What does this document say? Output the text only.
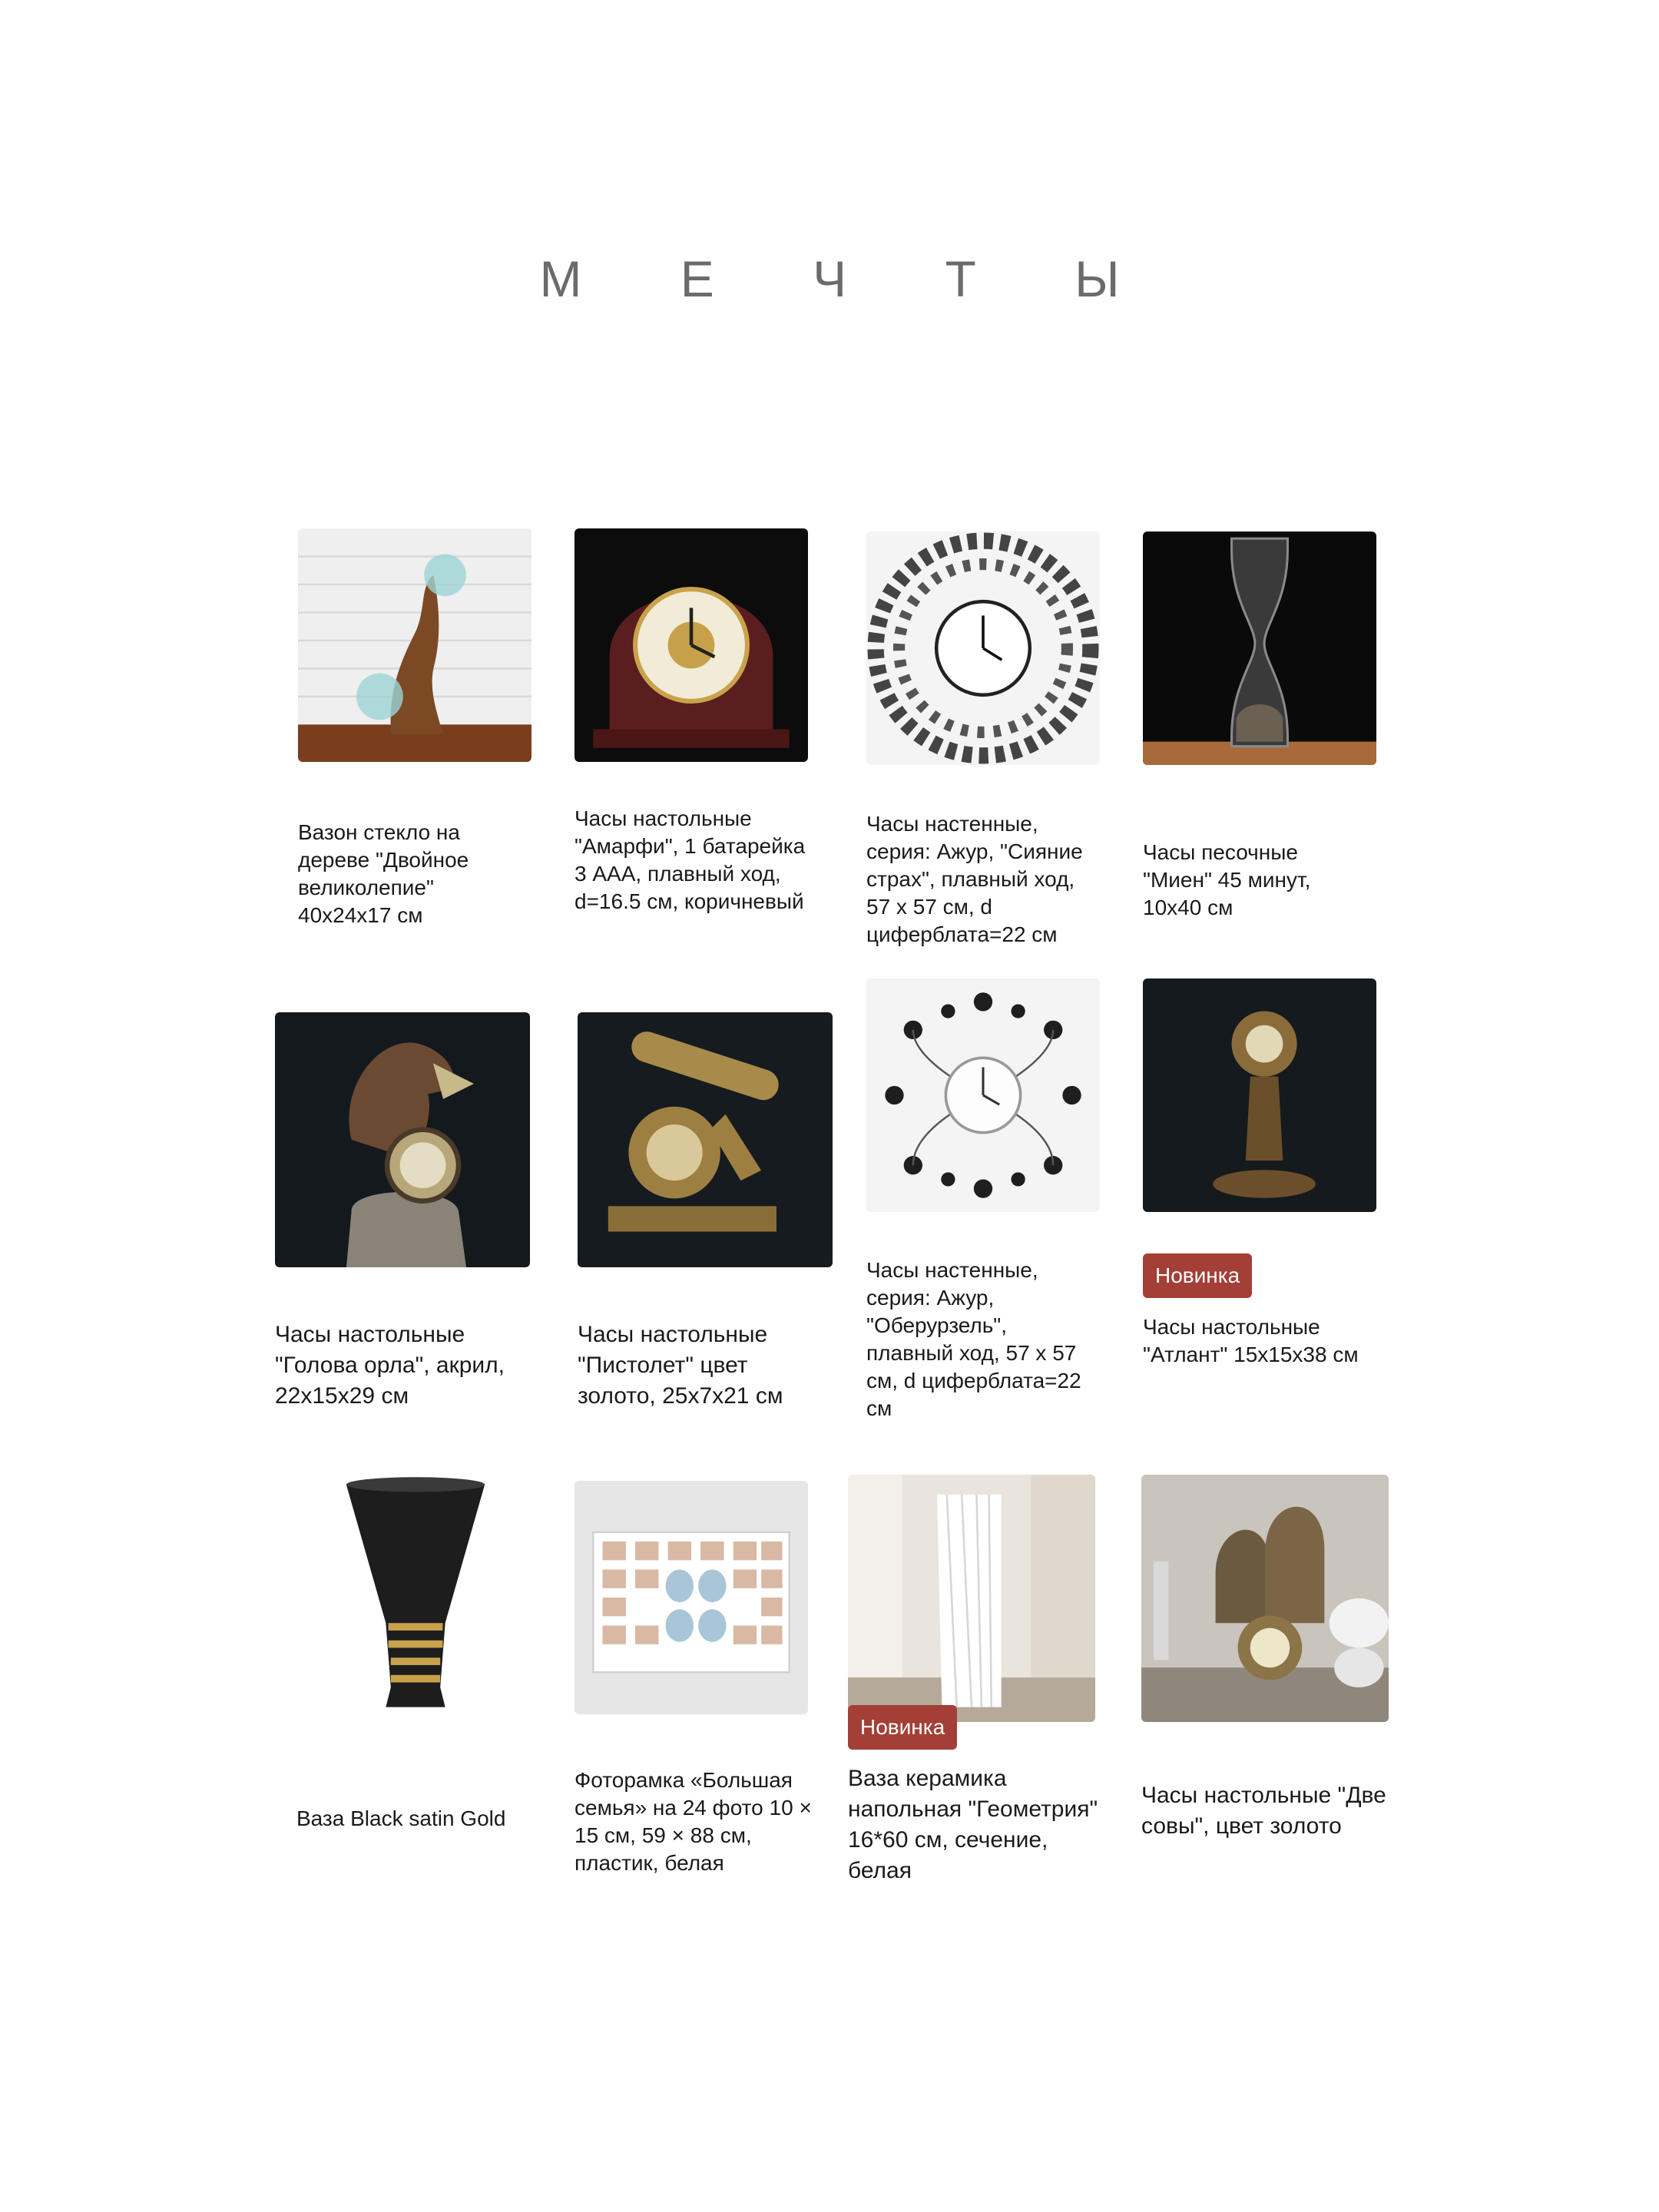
М Е Ч Т Ы
Вазон стекло на дереве "Двойное великолепие" 40х24х17 см
Часы настольные "Амарфи", 1 батарейка 3 ААА, плавный ход, d=16.5 см, коричневый
Часы настенные, серия: Ажур, "Сияние страх", плавный ход, 57 х 57 см, d циферблата=22 см
Часы песочные "Миен" 45 минут, 10х40 см
Часы настольные "Голова орла", акрил, 22х15х29 см
Часы настольные "Пистолет" цвет золото, 25х7х21 см
Часы настенные, серия: Ажур, "Оберурзель", плавный ход, 57 х 57 см, d циферблата=22 см
Новинка
Часы настольные "Атлант" 15х15х38 см
Ваза Black satin Gold
Фоторамка «Большая семья» на 24 фото 10 × 15 см, 59 × 88 см, пластик, белая
Новинка
Ваза керамика напольная "Геометрия" 16*60 см, сечение, белая
Часы настольные "Две совы", цвет золото
